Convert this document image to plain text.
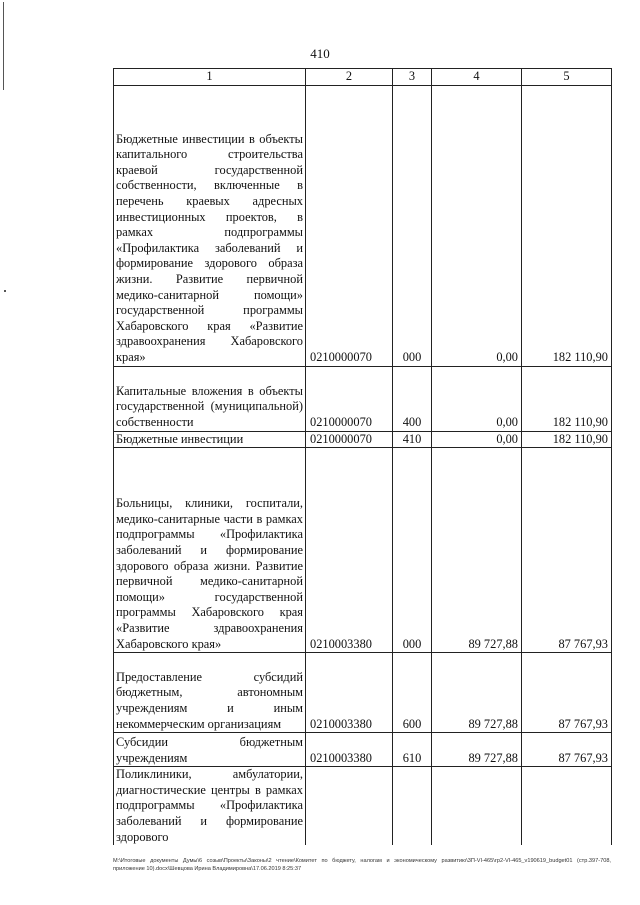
410
1	2	3	4	5
Бюджетные инвестиции в объекты капитального строительства краевой государственной собственности, включенные в перечень краевых адресных инвестиционных проектов, в рамках подпрограммы «Профилактика заболеваний и формирование здорового образа жизни. Развитие первичной медико-санитарной помощи» государственной программы Хабаровского края «Развитие здравоохранения Хабаровского края»	0210000070	000	0,00	182 110,90
Капитальные вложения в объекты государственной (муниципальной) собственности	0210000070	400	0,00	182 110,90
Бюджетные инвестиции	0210000070	410	0,00	182 110,90
Больницы, клиники, госпитали, медико-санитарные части в рамках подпрограммы «Профилактика заболеваний и формирование здорового образа жизни. Развитие первичной медико-санитарной помощи» государственной программы Хабаровского края «Развитие здравоохранения Хабаровского края»	0210003380	000	89 727,88	87 767,93
Предоставление субсидий бюджетным, автономным учреждениям и иным некоммерческим организациям	0210003380	600	89 727,88	87 767,93
Субсидии бюджетным учреждениям	0210003380	610	89 727,88	87 767,93
Поликлиники, амбулатории, диагностические центры в рамках подпрограммы «Профилактика заболеваний и формирование здорового				
М:\Итоговые документы Думы\6 созыв\Проекты\Законы\2 чтение\Комитет по бюджету, налогам и экономическому развитию\3П-VI-465\гр2-VI-465_v190619_budget01 (стр.397-708, приложение 10).docx\Шевцова Ирина Владимировна\17.06.2019 8:25:37
